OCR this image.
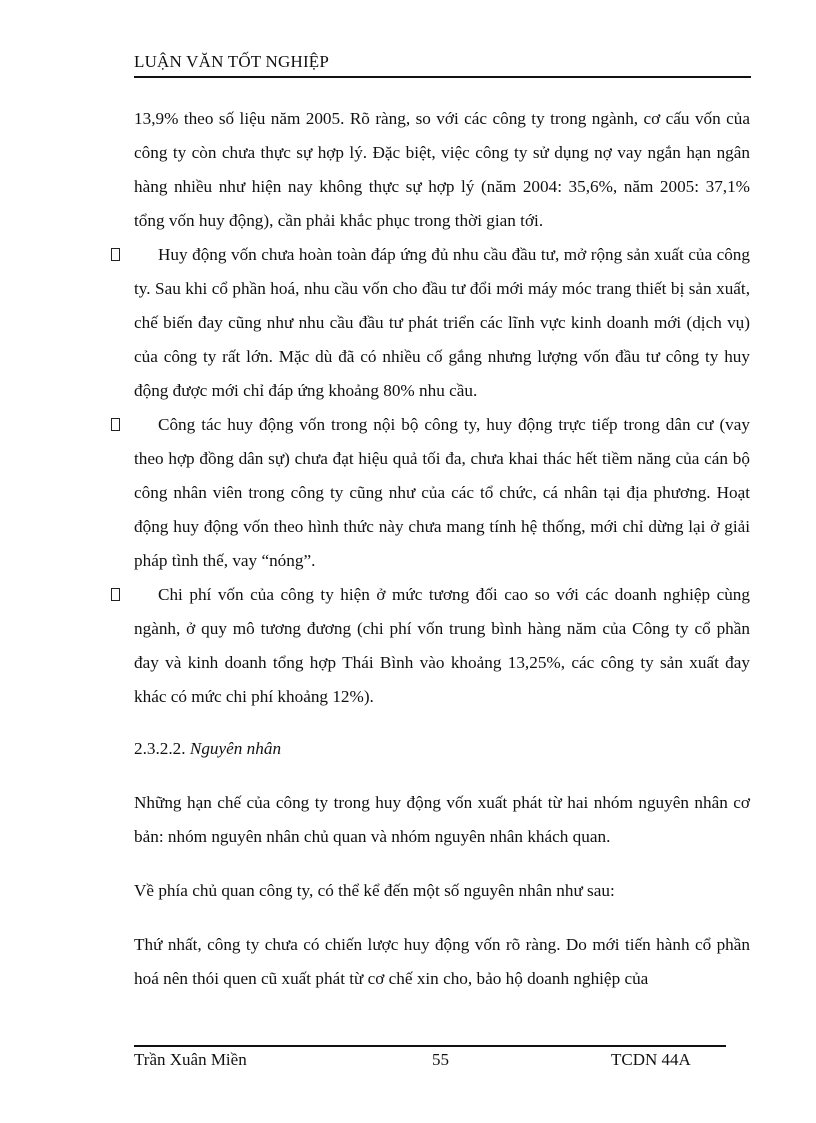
LUẬN VĂN TỐT NGHIỆP

13,9% theo số liệu năm 2005. Rõ ràng, so với các công ty trong ngành, cơ cấu vốn của công ty còn chưa thực sự hợp lý. Đặc biệt, việc công ty sử dụng nợ vay ngắn hạn ngân hàng nhiều như hiện nay không thực sự hợp lý (năm 2004: 35,6%, năm 2005: 37,1% tổng vốn huy động), cần phải khắc phục trong thời gian tới.

Huy động vốn chưa hoàn toàn đáp ứng đủ nhu cầu đầu tư, mở rộng sản xuất của công ty. Sau khi cổ phần hoá, nhu cầu vốn cho đầu tư đổi mới máy móc trang thiết bị sản xuất, chế biến đay cũng như nhu cầu đầu tư phát triển các lĩnh vực kinh doanh mới (dịch vụ) của công ty rất lớn. Mặc dù đã có nhiều cố gắng nhưng lượng vốn đầu tư công ty huy động được mới chỉ đáp ứng khoảng 80% nhu cầu.

Công tác huy động vốn trong nội bộ công ty, huy động trực tiếp trong dân cư (vay theo hợp đồng dân sự) chưa đạt hiệu quả tối đa, chưa khai thác hết tiềm năng của cán bộ công nhân viên trong công ty cũng như của các tổ chức, cá nhân tại địa phương. Hoạt động huy động vốn theo hình thức này chưa mang tính hệ thống, mới chỉ dừng lại ở giải pháp tình thế, vay “nóng”.

Chi phí vốn của công ty hiện ở mức tương đối cao so với các doanh nghiệp cùng ngành, ở quy mô tương đương (chi phí vốn trung bình hàng năm của Công ty cổ phần đay và kinh doanh tổng hợp Thái Bình vào khoảng 13,25%, các công ty sản xuất đay khác có mức chi phí khoảng 12%).

2.3.2.2. Nguyên nhân

Những hạn chế của công ty trong huy động vốn xuất phát từ hai nhóm nguyên nhân cơ bản: nhóm nguyên nhân chủ quan và nhóm nguyên nhân khách quan.

Về phía chủ quan công ty, có thể kể đến một số nguyên nhân như sau:

Thứ nhất, công ty chưa có chiến lược huy động vốn rõ ràng. Do mới tiến hành cổ phần hoá nên thói quen cũ xuất phát từ cơ chế xin cho, bảo hộ doanh nghiệp của

Trần Xuân Miền	55	TCDN 44A
